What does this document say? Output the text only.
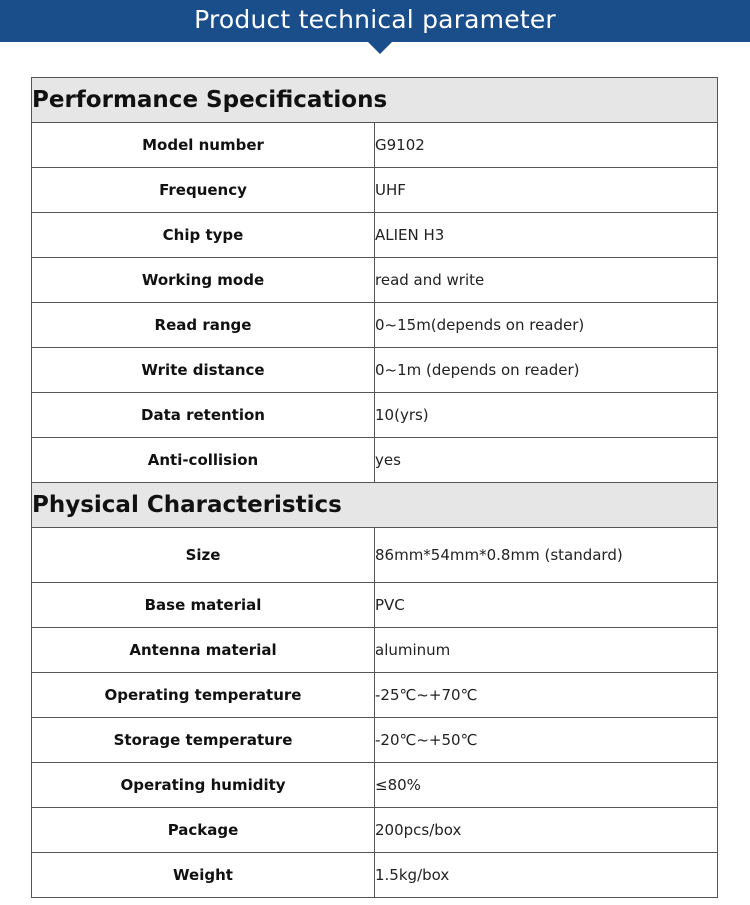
Product technical parameter
Performance Specifications	
Model number	G9102
Frequency	UHF
Chip type	ALIEN H3
Working mode	read and write
Read range	0~15m(depends on reader)
Write distance	0~1m (depends on reader)
Data retention	10(yrs)
Anti-collision	yes
Physical Characteristics	
Size	86mm*54mm*0.8mm (standard)
Base material	PVC
Antenna material	aluminum
Operating temperature	-25℃~+70℃
Storage temperature	-20℃~+50℃
Operating humidity	≤80%
Package	200pcs/box
Weight	1.5kg/box
